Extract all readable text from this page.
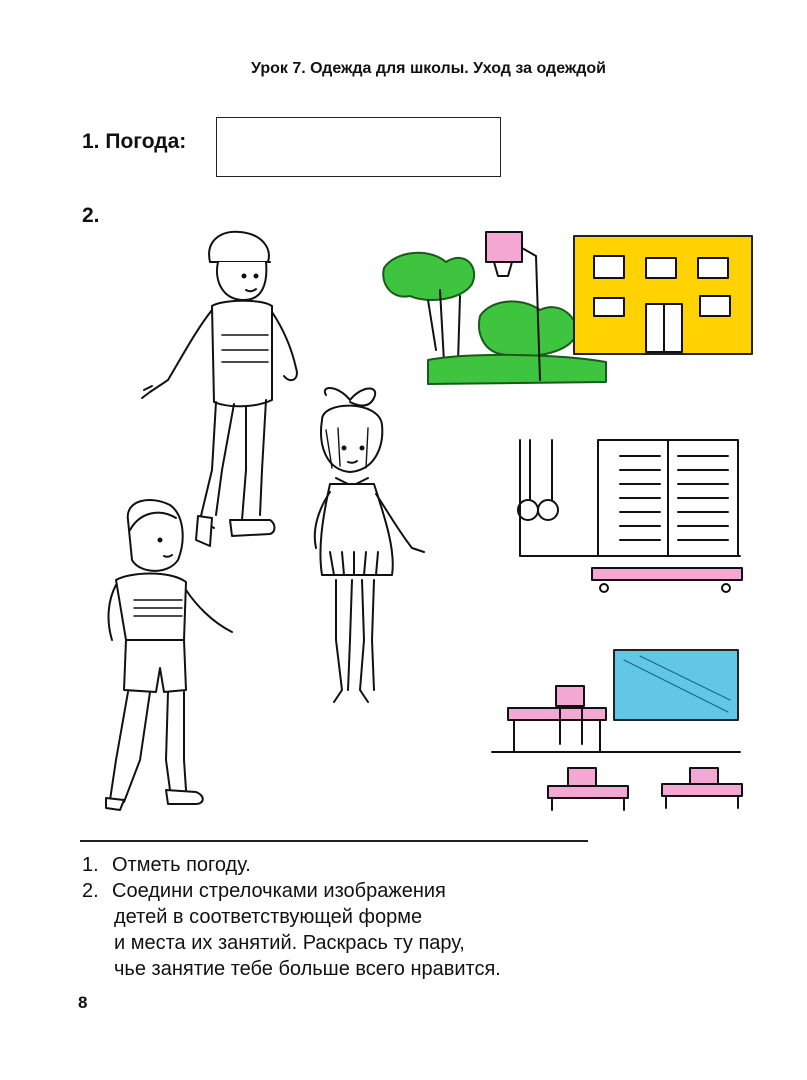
Урок 7. Одежда для школы. Уход за одеждой
1. Погода:
2.
1. Отметь погоду.
2. Соедини стрелочками изображения
детей в соответствующей форме
и места их занятий. Раскрась ту пару,
чье занятие тебе больше всего нравится.
8
